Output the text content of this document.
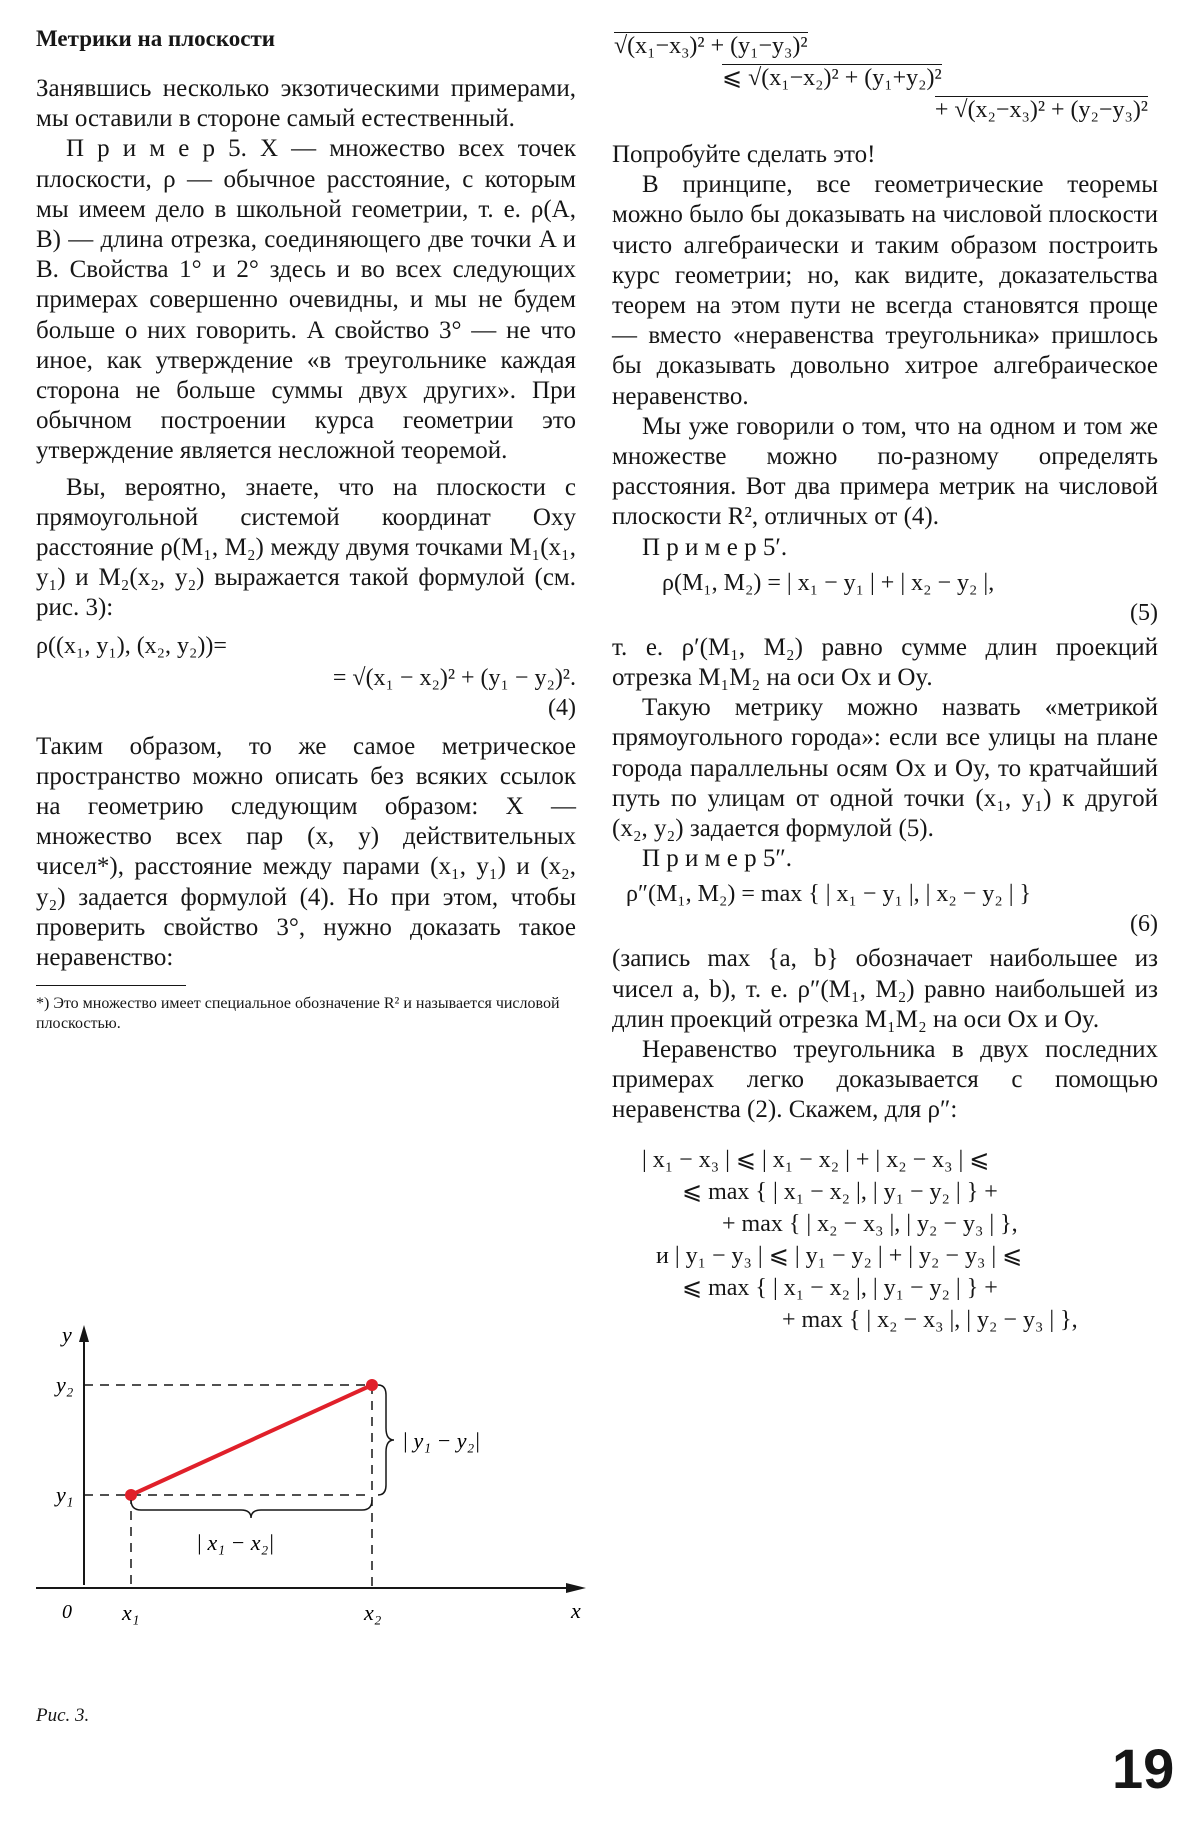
Метрики на плоскости

Занявшись несколько экзотическими примерами, мы оставили в стороне самый естественный.

П р и м е р 5. X — множество всех точек плоскости, ρ — обычное расстояние, с которым мы имеем дело в школьной геометрии, т. е. ρ(A, B) — длина отрезка, соединяющего две точки A и B. Свойства 1° и 2° здесь и во всех следующих примерах совершенно очевидны, и мы не будем больше о них говорить. А свойство 3° — не что иное, как утверждение «в треугольнике каждая сторона не больше суммы двух других». При обычном построении курса геометрии это утверждение является несложной теоремой.

Вы, вероятно, знаете, что на плоскости с прямоугольной системой координат Oxy расстояние ρ(M₁, M₂) между двумя точками M₁(x₁, y₁) и M₂(x₂, y₂) выражается такой формулой (см. рис. 3):

ρ((x₁, y₁), (x₂, y₂))=
= √(x₁ − x₂)² + (y₁ − y₂)².
(4)

Таким образом, то же самое метрическое пространство можно описать без всяких ссылок на геометрию следующим образом: X — множество всех пар (x, y) действительных чисел*), расстояние между парами (x₁, y₁) и (x₂, y₂) задается формулой (4). Но при этом, чтобы проверить свойство 3°, нужно доказать такое неравенство:

*) Это множество имеет специальное обозначение R² и называется числовой плоскостью.
y
y₂
y₁
| x₁ − x₂|
| y₁ − y₂|
0 x₁	x₂	x
Рис. 3.
√(x₁−x₃)² + (y₁−y₃)²
⩽ √(x₁−x₂)² + (y₁+y₂)²
+ √(x₂−x₃)² + (y₂−y₃)²

Попробуйте сделать это!

В принципе, все геометрические теоремы можно было бы доказывать на числовой плоскости чисто алгебраически и таким образом построить курс геометрии; но, как видите, доказательства теорем на этом пути не всегда становятся проще — вместо «неравенства треугольника» пришлось бы доказывать довольно хитрое алгебраическое неравенство.

Мы уже говорили о том, что на одном и том же множестве можно по-разному определять расстояния. Вот два примера метрик на числовой плоскости R², отличных от (4).

П р и м е р 5′.

ρ(M₁, M₂) = | x₁ − y₁ | + | x₂ − y₂ |,
(5)

т. е. ρ′(M₁, M₂) равно сумме длин проекций отрезка M₁M₂ на оси Ox и Oy.

Такую метрику можно назвать «метрикой прямоугольного города»: если все улицы на плане города параллельны осям Ox и Oy, то кратчайший путь по улицам от одной точки (x₁, y₁) к другой (x₂, y₂) задается формулой (5).

П р и м е р 5″.

ρ″(M₁, M₂) = max { | x₁ − y₁ |, | x₂ − y₂ | }
(6)

(запись max {a, b} обозначает наибольшее из чисел a, b), т. е. ρ″(M₁, M₂) равно наибольшей из длин проекций отрезка M₁M₂ на оси Ox и Oy.

Неравенство треугольника в двух последних примерах легко доказывается с помощью неравенства (2). Скажем, для ρ″:

| x₁ − x₃ | ⩽ | x₁ − x₂ | + | x₂ − x₃ | ⩽
⩽ max { | x₁ − x₂ |, | y₁ − y₂ | } +
+ max { | x₂ − x₃ |, | y₂ − y₃ | },
и | y₁ − y₃ | ⩽ | y₁ − y₂ | + | y₂ − y₃ | ⩽
⩽ max { | x₁ − x₂ |, | y₁ − y₂ | } +
+ max { | x₂ − x₃ |, | y₂ − y₃ | },
19
